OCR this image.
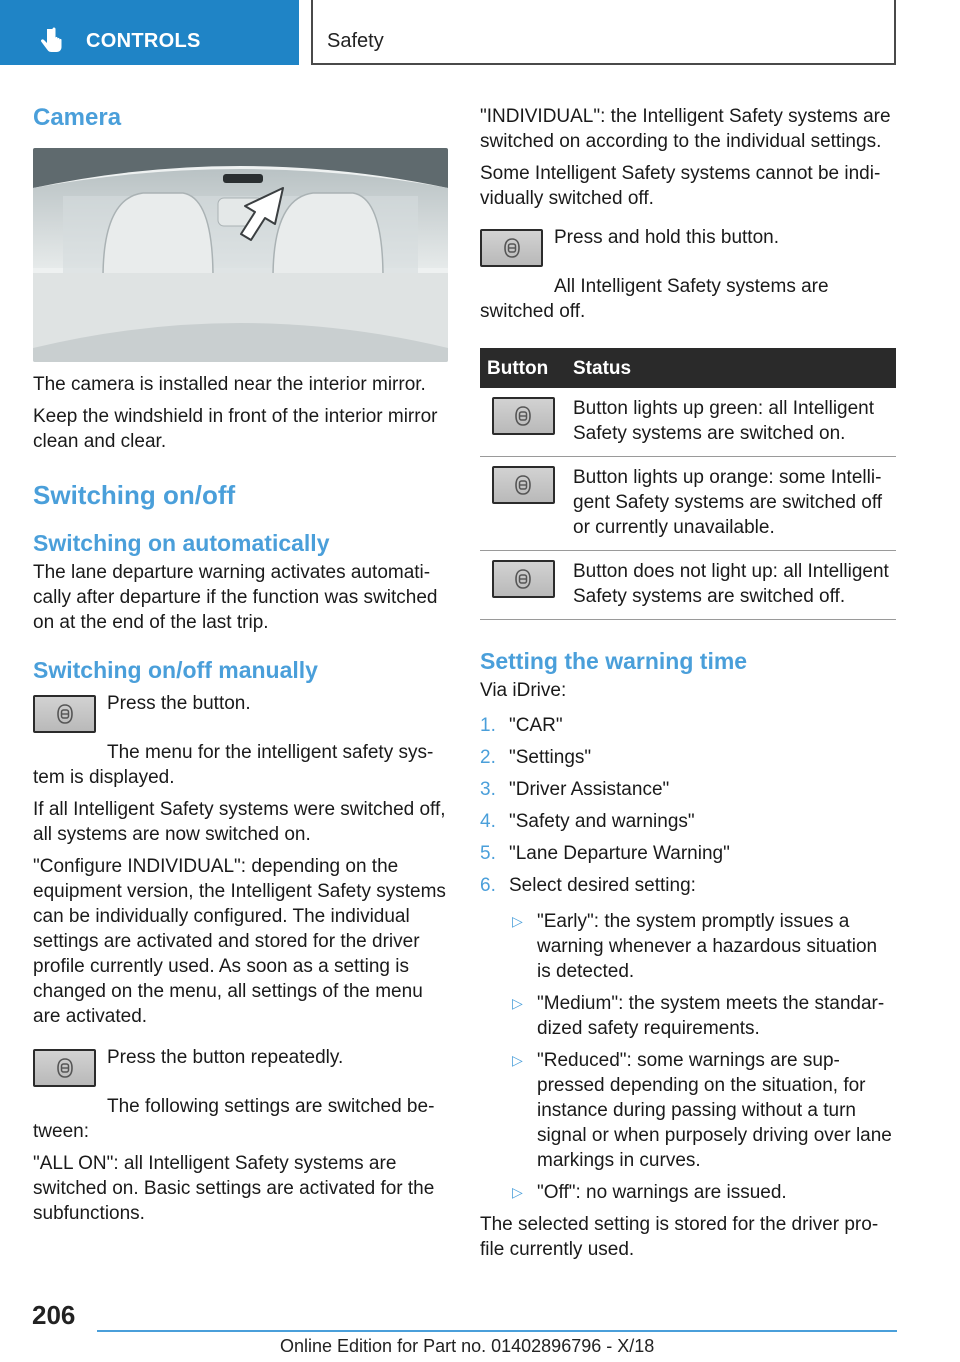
CONTROLS	Safety
Camera

The camera is installed near the interior mirror.

Keep the windshield in front of the interior mirror clean and clear.

Switching on/off
Switching on automatically

The lane departure warning activates automatically after departure if the function was switched on at the end of the last trip.

Switching on/off manually

Press the button.

The menu for the intelligent safety system is displayed.

If all Intelligent Safety systems were switched off, all systems are now switched on.

"Configure INDIVIDUAL": depending on the equipment version, the Intelligent Safety systems can be individually configured. The individual settings are activated and stored for the driver profile currently used. As soon as a setting is changed on the menu, all settings of the menu are activated.

Press the button repeatedly.

The following settings are switched between:

"ALL ON": all Intelligent Safety systems are switched on. Basic settings are activated for the subfunctions.

"INDIVIDUAL": the Intelligent Safety systems are switched on according to the individual settings.

Some Intelligent Safety systems cannot be individually switched off.

Press and hold this button.

All Intelligent Safety systems are switched off.

Button	Status

	Button lights up green: all Intelligent Safety systems are switched on.

	Button lights up orange: some Intelligent Safety systems are switched off or currently unavailable.

	Button does not light up: all Intelligent Safety systems are switched off.
Setting the warning time

Via iDrive:

1. "CAR"
2. "Settings"
3. "Driver Assistance"
4. "Safety and warnings"
5. "Lane Departure Warning"
6. Select desired setting:
▷ "Early": the system promptly issues a warning whenever a hazardous situation is detected.
▷ "Medium": the system meets the standardized safety requirements.
▷ "Reduced": some warnings are suppressed depending on the situation, for instance during passing without a turn signal or when purposely driving over lane markings in curves.
▷ "Off": no warnings are issued.

The selected setting is stored for the driver profile currently used.

206
Online Edition for Part no. 01402896796 - X/18
